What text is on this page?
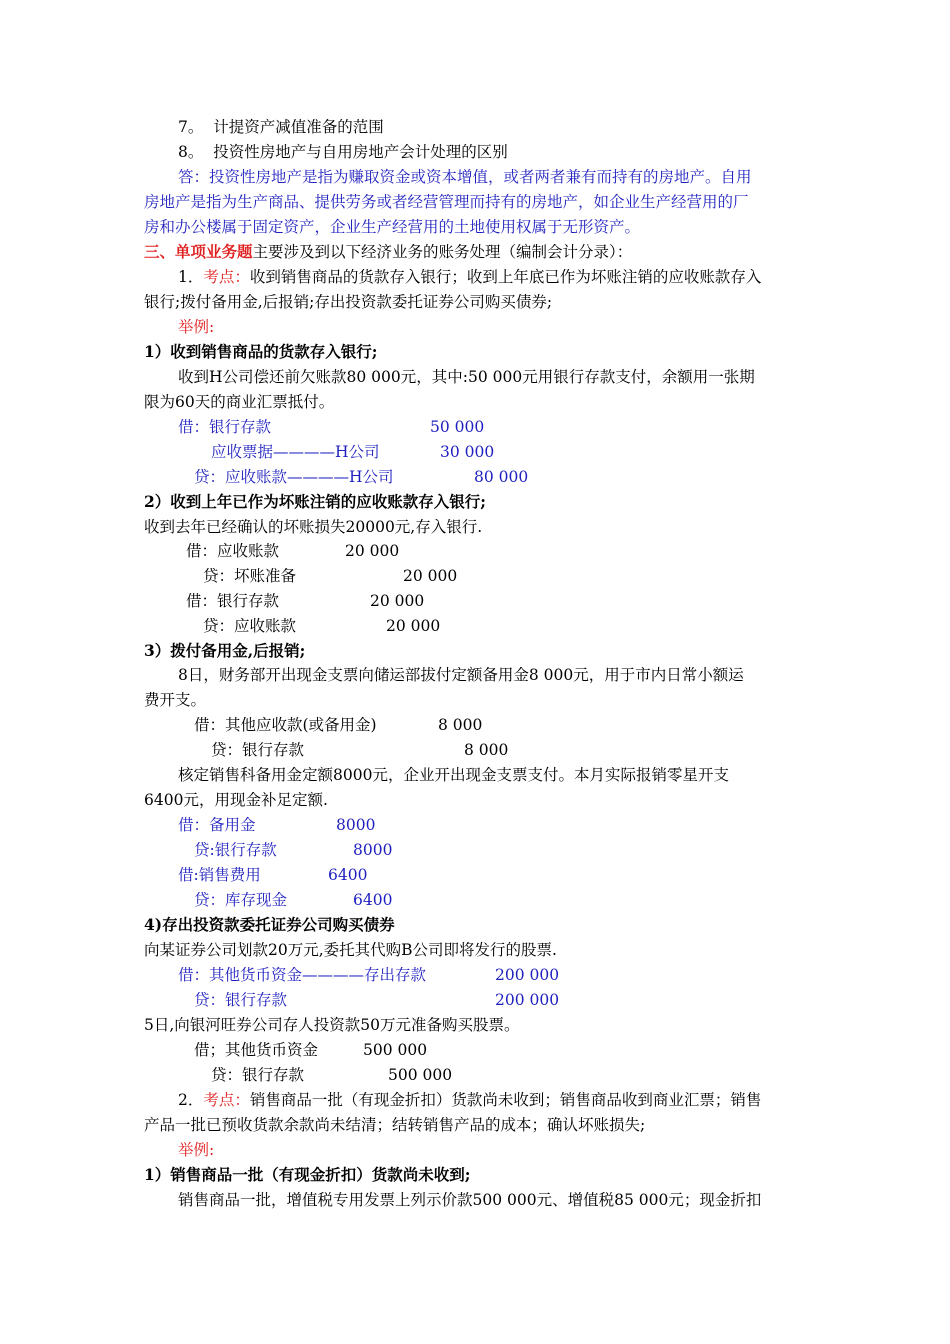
7。  计提资产减值准备的范围
8。  投资性房地产与自用房地产会计处理的区别
答：投资性房地产是指为赚取资金或资本增值，或者两者兼有而持有的房地产。自用
房地产是指为生产商品、提供劳务或者经营管理而持有的房地产，如企业生产经营用的厂
房和办公楼属于固定资产，企业生产经营用的土地使用权属于无形资产。
三、单项业务题主要涉及到以下经济业务的账务处理（编制会计分录）：
1．考点：收到销售商品的货款存入银行；收到上年底已作为坏账注销的应收账款存入
银行;拨付备用金,后报销;存出投资款委托证券公司购买债券;
举例:
1）收到销售商品的货款存入银行;
收到H公司偿还前欠账款80 000元，其中:50 000元用银行存款支付，余额用一张期
限为60天的商业汇票抵付。
借：银行存款	50 000
应收票据————H公司	30 000
贷：应收账款————H公司	80 000
2）收到上年已作为坏账注销的应收账款存入银行;
收到去年已经确认的坏账损失20000元,存入银行.
借：应收账款	20 000
贷：坏账准备	20 000
借：银行存款	20 000
贷：应收账款	20 000
3）拨付备用金,后报销;
8日，财务部开出现金支票向储运部拔付定额备用金8 000元，用于市内日常小额运
费开支。
借：其他应收款(或备用金)	8 000
贷：银行存款	8 000
核定销售科备用金定额8000元，企业开出现金支票支付。本月实际报销零星开支
6400元，用现金补足定额.
借：备用金	8000
贷:银行存款	8000
借:销售费用	6400
贷：库存现金	6400
4)存出投资款委托证券公司购买债券
向某证券公司划款20万元,委托其代购B公司即将发行的股票.
借：其他货币资金————存出存款	200 000
贷：银行存款	200 000
5日,向银河旺券公司存人投资款50万元准备购买股票。
借；其他货币资金	500 000
贷：银行存款	500 000
2．考点：销售商品一批（有现金折扣）货款尚未收到；销售商品收到商业汇票；销售
产品一批已预收货款余款尚未结清；结转销售产品的成本；确认坏账损失;
举例:
1）销售商品一批（有现金折扣）货款尚未收到;
销售商品一批，增值税专用发票上列示价款500 000元、增值税85 000元；现金折扣
